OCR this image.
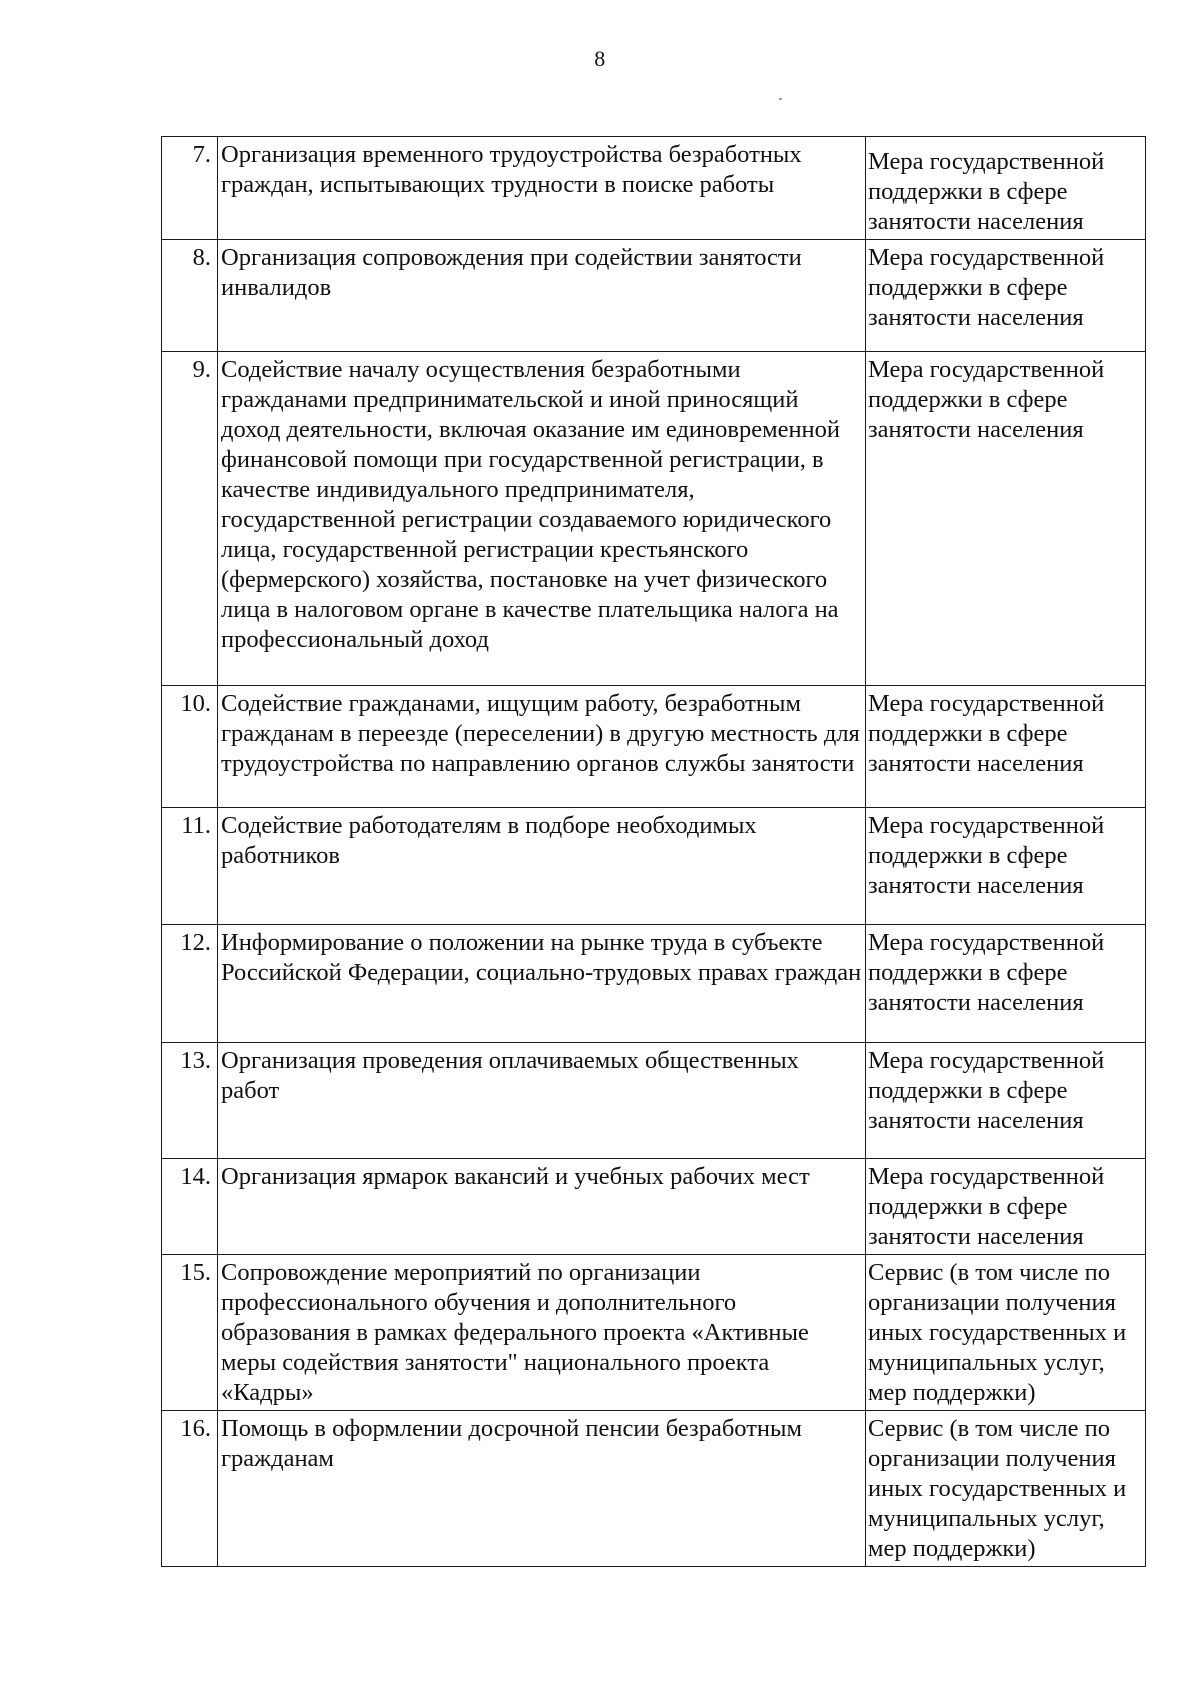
8
7.	Организация временного трудоустройства безработных граждан, испытывающих трудности в поиске работы	Мера государственной поддержки в сфере занятости населения
8.	Организация сопровождения при содействии занятости инвалидов	Мера государственной поддержки в сфере занятости населения
9.	Содействие началу осуществления безработными гражданами предпринимательской и иной приносящий доход деятельности, включая оказание им единовременной финансовой помощи при государственной регистрации, в качестве индивидуального предпринимателя, государственной регистрации создаваемого юридического лица, государственной регистрации крестьянского (фермерского) хозяйства, постановке на учет физического лица в налоговом органе в качестве плательщика налога на профессиональный доход	Мера государственной поддержки в сфере занятости населения
10.	Содействие гражданами, ищущим работу, безработным гражданам в переезде (переселении) в другую местность для трудоустройства по направлению органов службы занятости	Мера государственной поддержки в сфере занятости населения
11.	Содействие работодателям в подборе необходимых работников	Мера государственной поддержки в сфере занятости населения
12.	Информирование о положении на рынке труда в субъекте Российской Федерации, социально-трудовых правах граждан	Мера государственной поддержки в сфере занятости населения
13.	Организация проведения оплачиваемых общественных работ	Мера государственной поддержки в сфере занятости населения
14.	Организация ярмарок вакансий и учебных рабочих мест	Мера государственной поддержки в сфере занятости населения
15.	Сопровождение мероприятий по организации профессионального обучения и дополнительного образования в рамках федерального проекта «Активные меры содействия занятости" национального проекта «Кадры»	Сервис (в том числе по организации получения иных государственных и муниципальных услуг, мер поддержки)
16.	Помощь в оформлении досрочной пенсии безработным гражданам	Сервис (в том числе по организации получения иных государственных и муниципальных услуг, мер поддержки)
